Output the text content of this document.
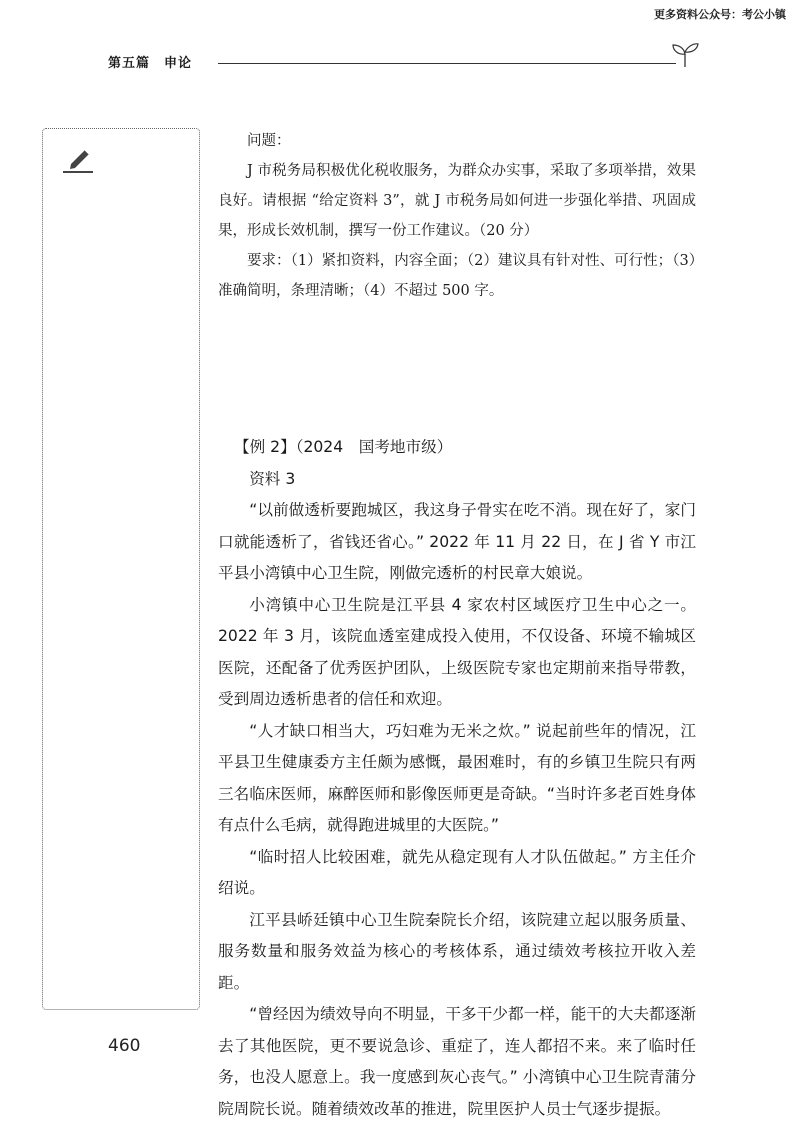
更多资料公众号：考公小镇
第五篇　申论

问题：

J 市税务局积极优化税收服务，为群众办实事，采取了多项举措，效果良好。请根据 “给定资料 3”，就 J 市税务局如何进一步强化举措、巩固成果，形成长效机制，撰写一份工作建议。（20 分）

要求：（1）紧扣资料，内容全面；（2）建议具有针对性、可行性；（3）准确简明，条理清晰；（4）不超过 500 字。

【例 2】（2024　国考地市级）

资料 3

“以前做透析要跑城区，我这身子骨实在吃不消。现在好了，家门口就能透析了，省钱还省心。” 2022 年 11 月 22 日，在 J 省 Y 市江平县小湾镇中心卫生院，刚做完透析的村民章大娘说。

小湾镇中心卫生院是江平县 4 家农村区域医疗卫生中心之一。2022 年 3 月，该院血透室建成投入使用，不仅设备、环境不输城区医院，还配备了优秀医护团队，上级医院专家也定期前来指导带教，受到周边透析患者的信任和欢迎。

“人才缺口相当大，巧妇难为无米之炊。” 说起前些年的情况，江平县卫生健康委方主任颇为感慨，最困难时，有的乡镇卫生院只有两三名临床医师，麻醉医师和影像医师更是奇缺。“当时许多老百姓身体有点什么毛病，就得跑进城里的大医院。”

“临时招人比较困难，就先从稳定现有人才队伍做起。” 方主任介绍说。

江平县峤廷镇中心卫生院秦院长介绍，该院建立起以服务质量、服务数量和服务效益为核心的考核体系，通过绩效考核拉开收入差距。

“曾经因为绩效导向不明显，干多干少都一样，能干的大夫都逐渐去了其他医院，更不要说急诊、重症了，连人都招不来。来了临时任务，也没人愿意上。我一度感到灰心丧气。” 小湾镇中心卫生院青蒲分院周院长说。随着绩效改革的推进，院里医护人员士气逐步提振。

460
